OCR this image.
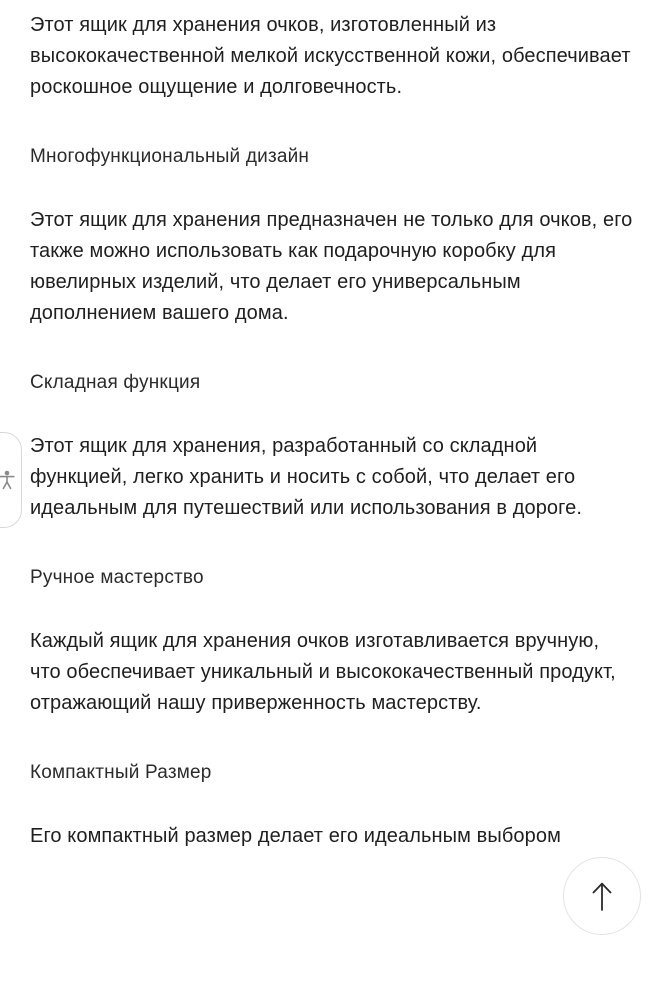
Этот ящик для хранения очков, изготовленный из высококачественной мелкой искусственной кожи, обеспечивает роскошное ощущение и долговечность.

Многофункциональный дизайн

Этот ящик для хранения предназначен не только для очков, его также можно использовать как подарочную коробку для ювелирных изделий, что делает его универсальным дополнением вашего дома.

Складная функция

Этот ящик для хранения, разработанный со складной функцией, легко хранить и носить с собой, что делает его идеальным для путешествий или использования в дороге.

Ручное мастерство

Каждый ящик для хранения очков изготавливается вручную, что обеспечивает уникальный и высококачественный продукт, отражающий нашу приверженность мастерству.

Компактный Размер

Его компактный размер делает его идеальным выбором
